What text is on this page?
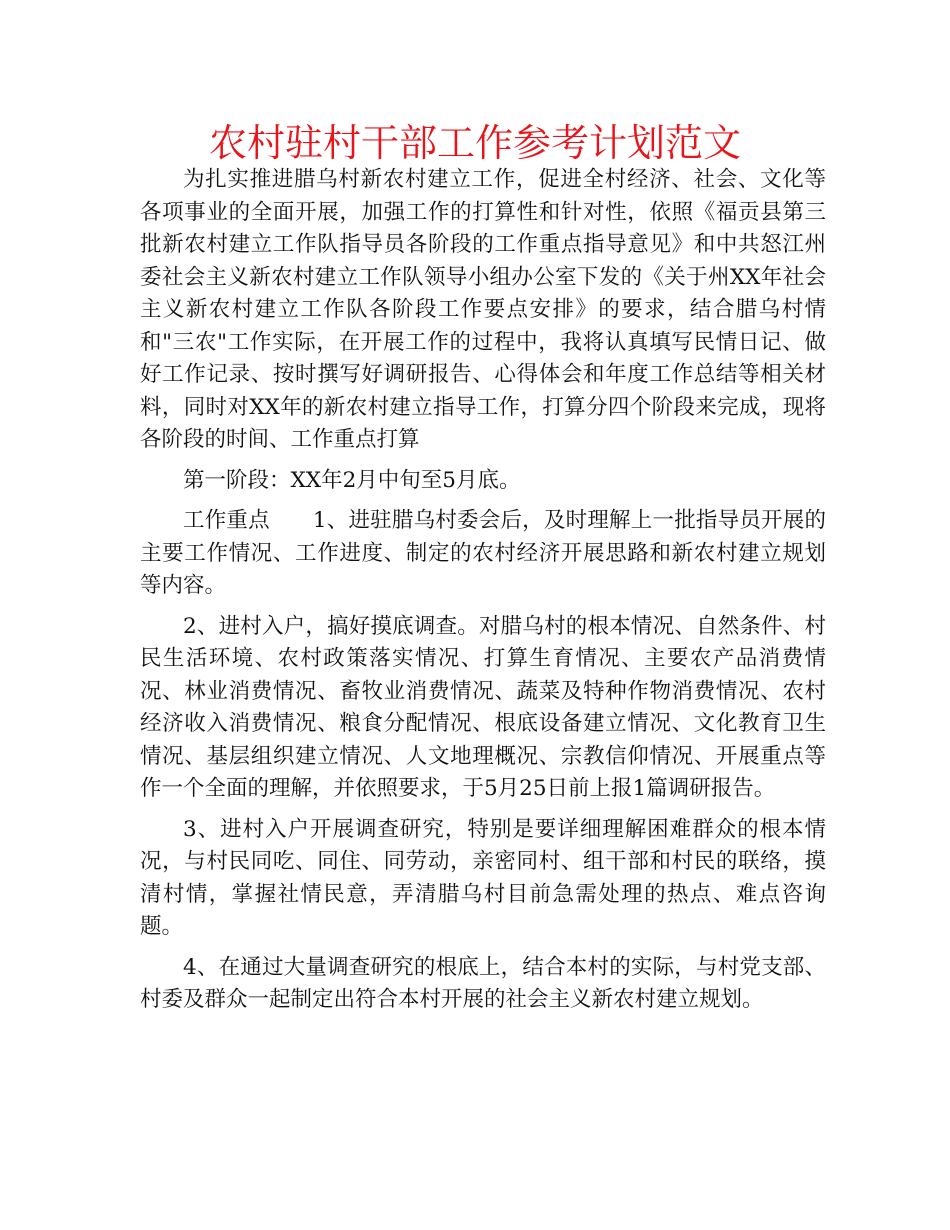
农村驻村干部工作参考计划范文

为扎实推进腊乌村新农村建立工作，促进全村经济、社会、文化等各项事业的全面开展，加强工作的打算性和针对性，依照《福贡县第三批新农村建立工作队指导员各阶段的工作重点指导意见》和中共怒江州委社会主义新农村建立工作队领导小组办公室下发的《关于州XX年社会主义新农村建立工作队各阶段工作要点安排》的要求，结合腊乌村情和"三农"工作实际，在开展工作的过程中，我将认真填写民情日记、做好工作记录、按时撰写好调研报告、心得体会和年度工作总结等相关材料，同时对XX年的新农村建立指导工作，打算分四个阶段来完成，现将各阶段的时间、工作重点打算

第一阶段：XX年2月中旬至5月底。

工作重点 1、进驻腊乌村委会后，及时理解上一批指导员开展的主要工作情况、工作进度、制定的农村经济开展思路和新农村建立规划等内容。

2、进村入户，搞好摸底调查。对腊乌村的根本情况、自然条件、村民生活环境、农村政策落实情况、打算生育情况、主要农产品消费情况、林业消费情况、畜牧业消费情况、蔬菜及特种作物消费情况、农村经济收入消费情况、粮食分配情况、根底设备建立情况、文化教育卫生情况、基层组织建立情况、人文地理概况、宗教信仰情况、开展重点等作一个全面的理解，并依照要求，于5月25日前上报1篇调研报告。

3、进村入户开展调查研究，特别是要详细理解困难群众的根本情况，与村民同吃、同住、同劳动，亲密同村、组干部和村民的联络，摸清村情，掌握社情民意，弄清腊乌村目前急需处理的热点、难点咨询题。

4、在通过大量调查研究的根底上，结合本村的实际，与村党支部、村委及群众一起制定出符合本村开展的社会主义新农村建立规划。
